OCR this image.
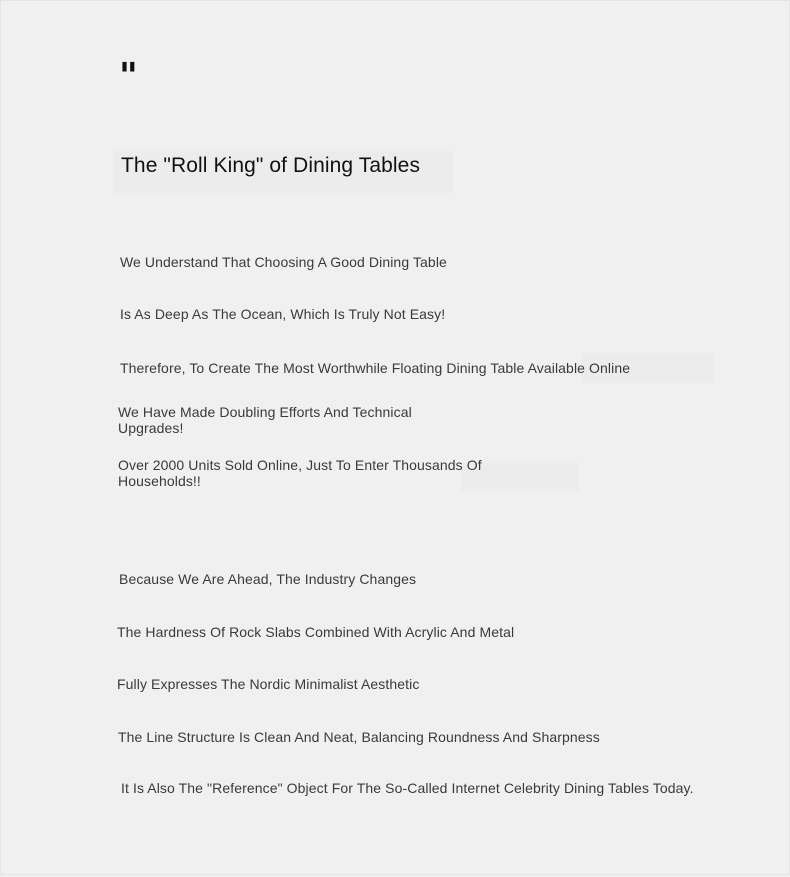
"
The "Roll King" of Dining Tables
We Understand That Choosing A Good Dining Table
Is As Deep As The Ocean, Which Is Truly Not Easy!
Therefore, To Create The Most Worthwhile Floating Dining Table Available Online
We Have Made Doubling Efforts And Technical Upgrades!
Over 2000 Units Sold Online, Just To Enter Thousands Of Households!!
Because We Are Ahead, The Industry Changes
The Hardness Of Rock Slabs Combined With Acrylic And Metal
Fully Expresses The Nordic Minimalist Aesthetic
The Line Structure Is Clean And Neat, Balancing Roundness And Sharpness
It Is Also The "Reference" Object For The So-Called Internet Celebrity Dining Tables Today.
